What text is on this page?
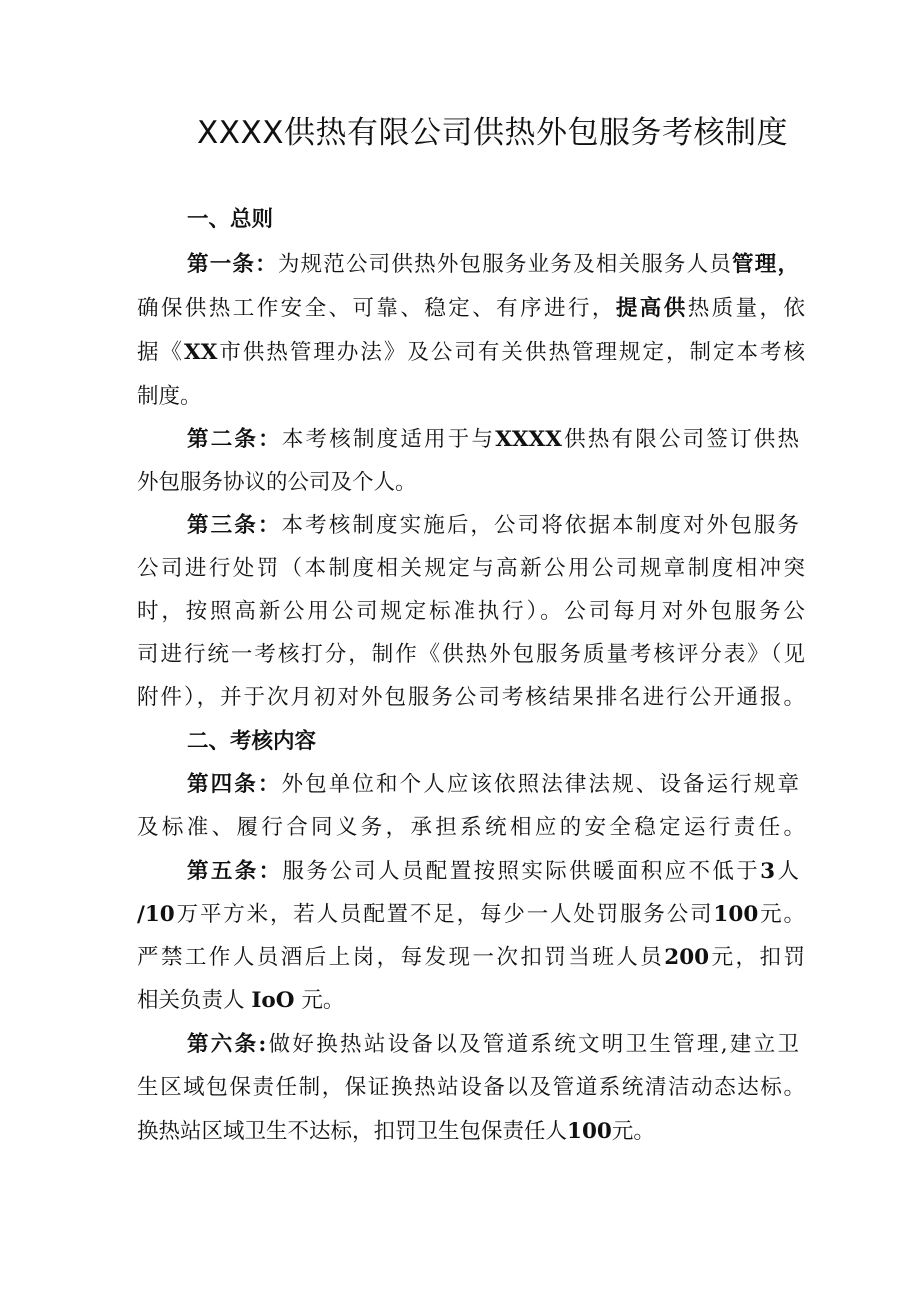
XXXX供热有限公司供热外包服务考核制度
一、总则
第一条：为规范公司供热外包服务业务及相关服务人员管理，
确保供热工作安全、可靠、稳定、有序进行，提高供热质量，依
据《XX市供热管理办法》及公司有关供热管理规定，制定本考核
制度。
第二条：本考核制度适用于与XXXX供热有限公司签订供热
外包服务协议的公司及个人。
第三条：本考核制度实施后，公司将依据本制度对外包服务
公司进行处罚（本制度相关规定与高新公用公司规章制度相冲突
时，按照高新公用公司规定标准执行）。公司每月对外包服务公
司进行统一考核打分，制作《供热外包服务质量考核评分表》（见
附件），并于次月初对外包服务公司考核结果排名进行公开通报。
二、考核内容
第四条：外包单位和个人应该依照法律法规、设备运行规章
及标准、履行合同义务，承担系统相应的安全稳定运行责任。
第五条：服务公司人员配置按照实际供暖面积应不低于3人
/10万平方米，若人员配置不足，每少一人处罚服务公司100元。
严禁工作人员酒后上岗，每发现一次扣罚当班人员200元，扣罚
相关负责人 IoO 元。
第六条:做好换热站设备以及管道系统文明卫生管理,建立卫
生区域包保责任制，保证换热站设备以及管道系统清洁动态达标。
换热站区域卫生不达标，扣罚卫生包保责任人100元。
